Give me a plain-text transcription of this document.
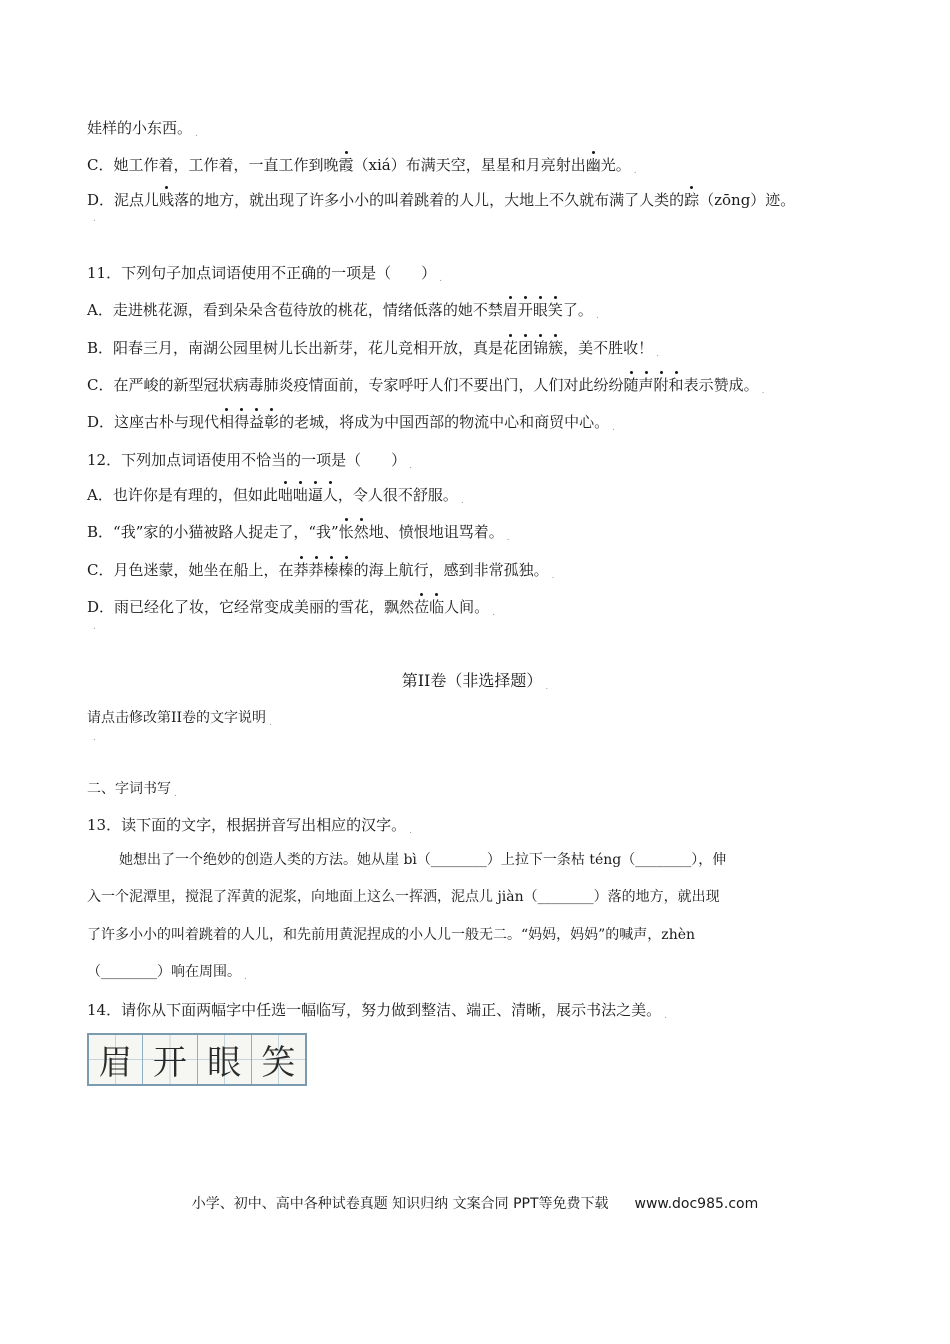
娃样的小东西。 $_.$
C．她工作着，工作着，一直工作到晚霞（xiá）布满天空，星星和月亮射出幽光。 $_.$
D．泥点儿贱落的地方，就出现了许多小小的叫着跳着的人儿，大地上不久就布满了人类的踪（zōng）迹。
.
11．下列句子加点词语使用不正确的一项是（　　） $_.$
A．走进桃花源，看到朵朵含苞待放的桃花，情绪低落的她不禁眉开眼笑了。 $_.$
B．阳春三月，南湖公园里树儿长出新芽，花儿竞相开放，真是花团锦簇，美不胜收！ $_.$
C．在严峻的新型冠状病毒肺炎疫情面前，专家呼吁人们不要出门，人们对此纷纷随声附和表示赞成。 $_.$
D．这座古朴与现代相得益彰的老城，将成为中国西部的物流中心和商贸中心。 $_.$
12．下列加点词语使用不恰当的一项是（　　） $_.$
A．也许你是有理的，但如此咄咄逼人，令人很不舒服。 $_.$
B．“我”家的小猫被路人捉走了，“我”怅然地、愤恨地诅骂着。 $_.$
C．月色迷蒙，她坐在船上，在莽莽榛榛的海上航行，感到非常孤独。 $_.$
D．雨已经化了妆，它经常变成美丽的雪花，飘然莅临人间。 $_.$
.
第II卷（非选择题） .
请点击修改第II卷的文字说明 $_.$
.
二、字词书写 $_.$
13．读下面的文字，根据拼音写出相应的汉字。 $_.$
她想出了一个绝妙的创造人类的方法。她从崖 bì（________）上拉下一条枯 téng（________），伸
入一个泥潭里，搅混了浑黄的泥浆，向地面上这么一挥洒，泥点儿 jiàn（________）落的地方，就出现
了许多小小的叫着跳着的人儿，和先前用黄泥捏成的小人儿一般无二。“妈妈，妈妈”的喊声，zhèn
（________）响在周围。 $_.$
14．请你从下面两幅字中任选一幅临写，努力做到整洁、端正、清晰，展示书法之美。 $_.$
眉 开 眼 笑
小学、初中、高中各种试卷真题 知识归纳 文案合同 PPT等免费下载 www.doc985.com
